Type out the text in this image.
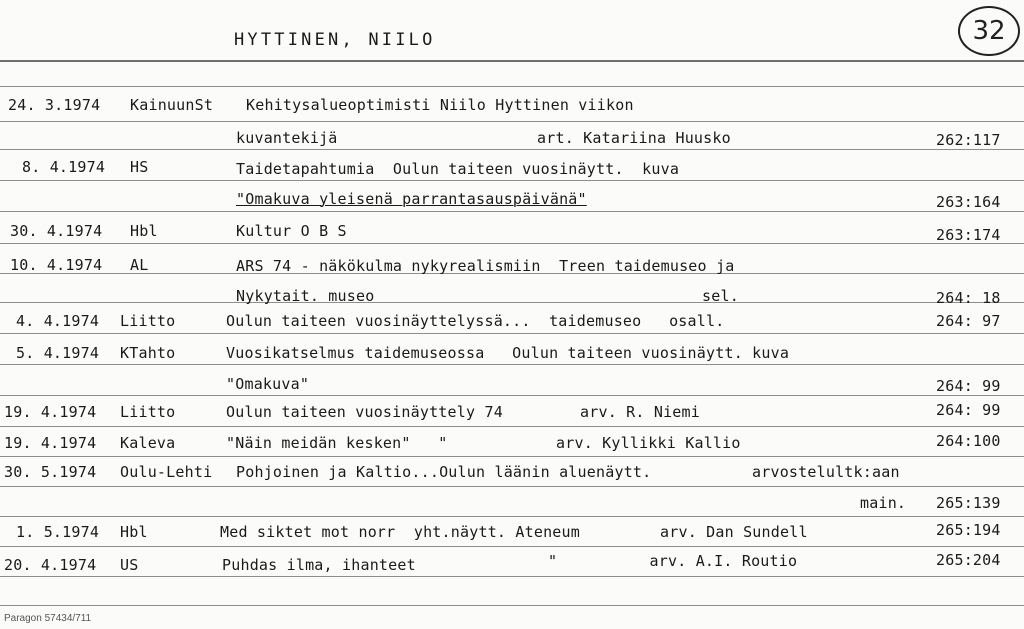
HYTTINEN, NIILO	32
24. 3.1974 KainuunSt Kehitysalueoptimisti Niilo Hyttinen viikon
kuvantekijä	art. Katariina Huusko	262:117
8. 4.1974 HS	Taidetapahtumia  Oulun taiteen vuosinäytt.  kuva
"Omakuva yleisenä parrantasauspäivänä"	263:164
30. 4.1974 Hbl	Kultur O B S	263:174
10. 4.1974 AL	ARS 74 - näkökulma nykyrealismiin  Treen taidemuseo ja
Nykytait. museo	sel.	264: 18
4. 4.1974 Liitto	Oulun taiteen vuosinäyttelyssä...  taidemuseo   osall.	264: 97
5. 4.1974 KTahto	Vuosikatselmus taidemuseossa   Oulun taiteen vuosinäytt. kuva
"Omakuva"	264: 99
19. 4.1974 Liitto	Oulun taiteen vuosinäyttely 74	arv. R. Niemi	264: 99
19. 4.1974 Kaleva	"Näin meidän kesken"   "	arv. Kyllikki Kallio	264:100
30. 5.1974 Oulu-Lehti Pohjoinen ja Kaltio...Oulun läänin aluenäytt.	arvostelultk:aan
main. 265:139
1. 5.1974 Hbl	Med siktet mot norr  yht.näytt. Ateneum	arv. Dan Sundell	265:194
20. 4.1974 US	Puhdas ilma, ihanteet	"          arv. A.I. Routio	265:204
Paragon 57434/711
